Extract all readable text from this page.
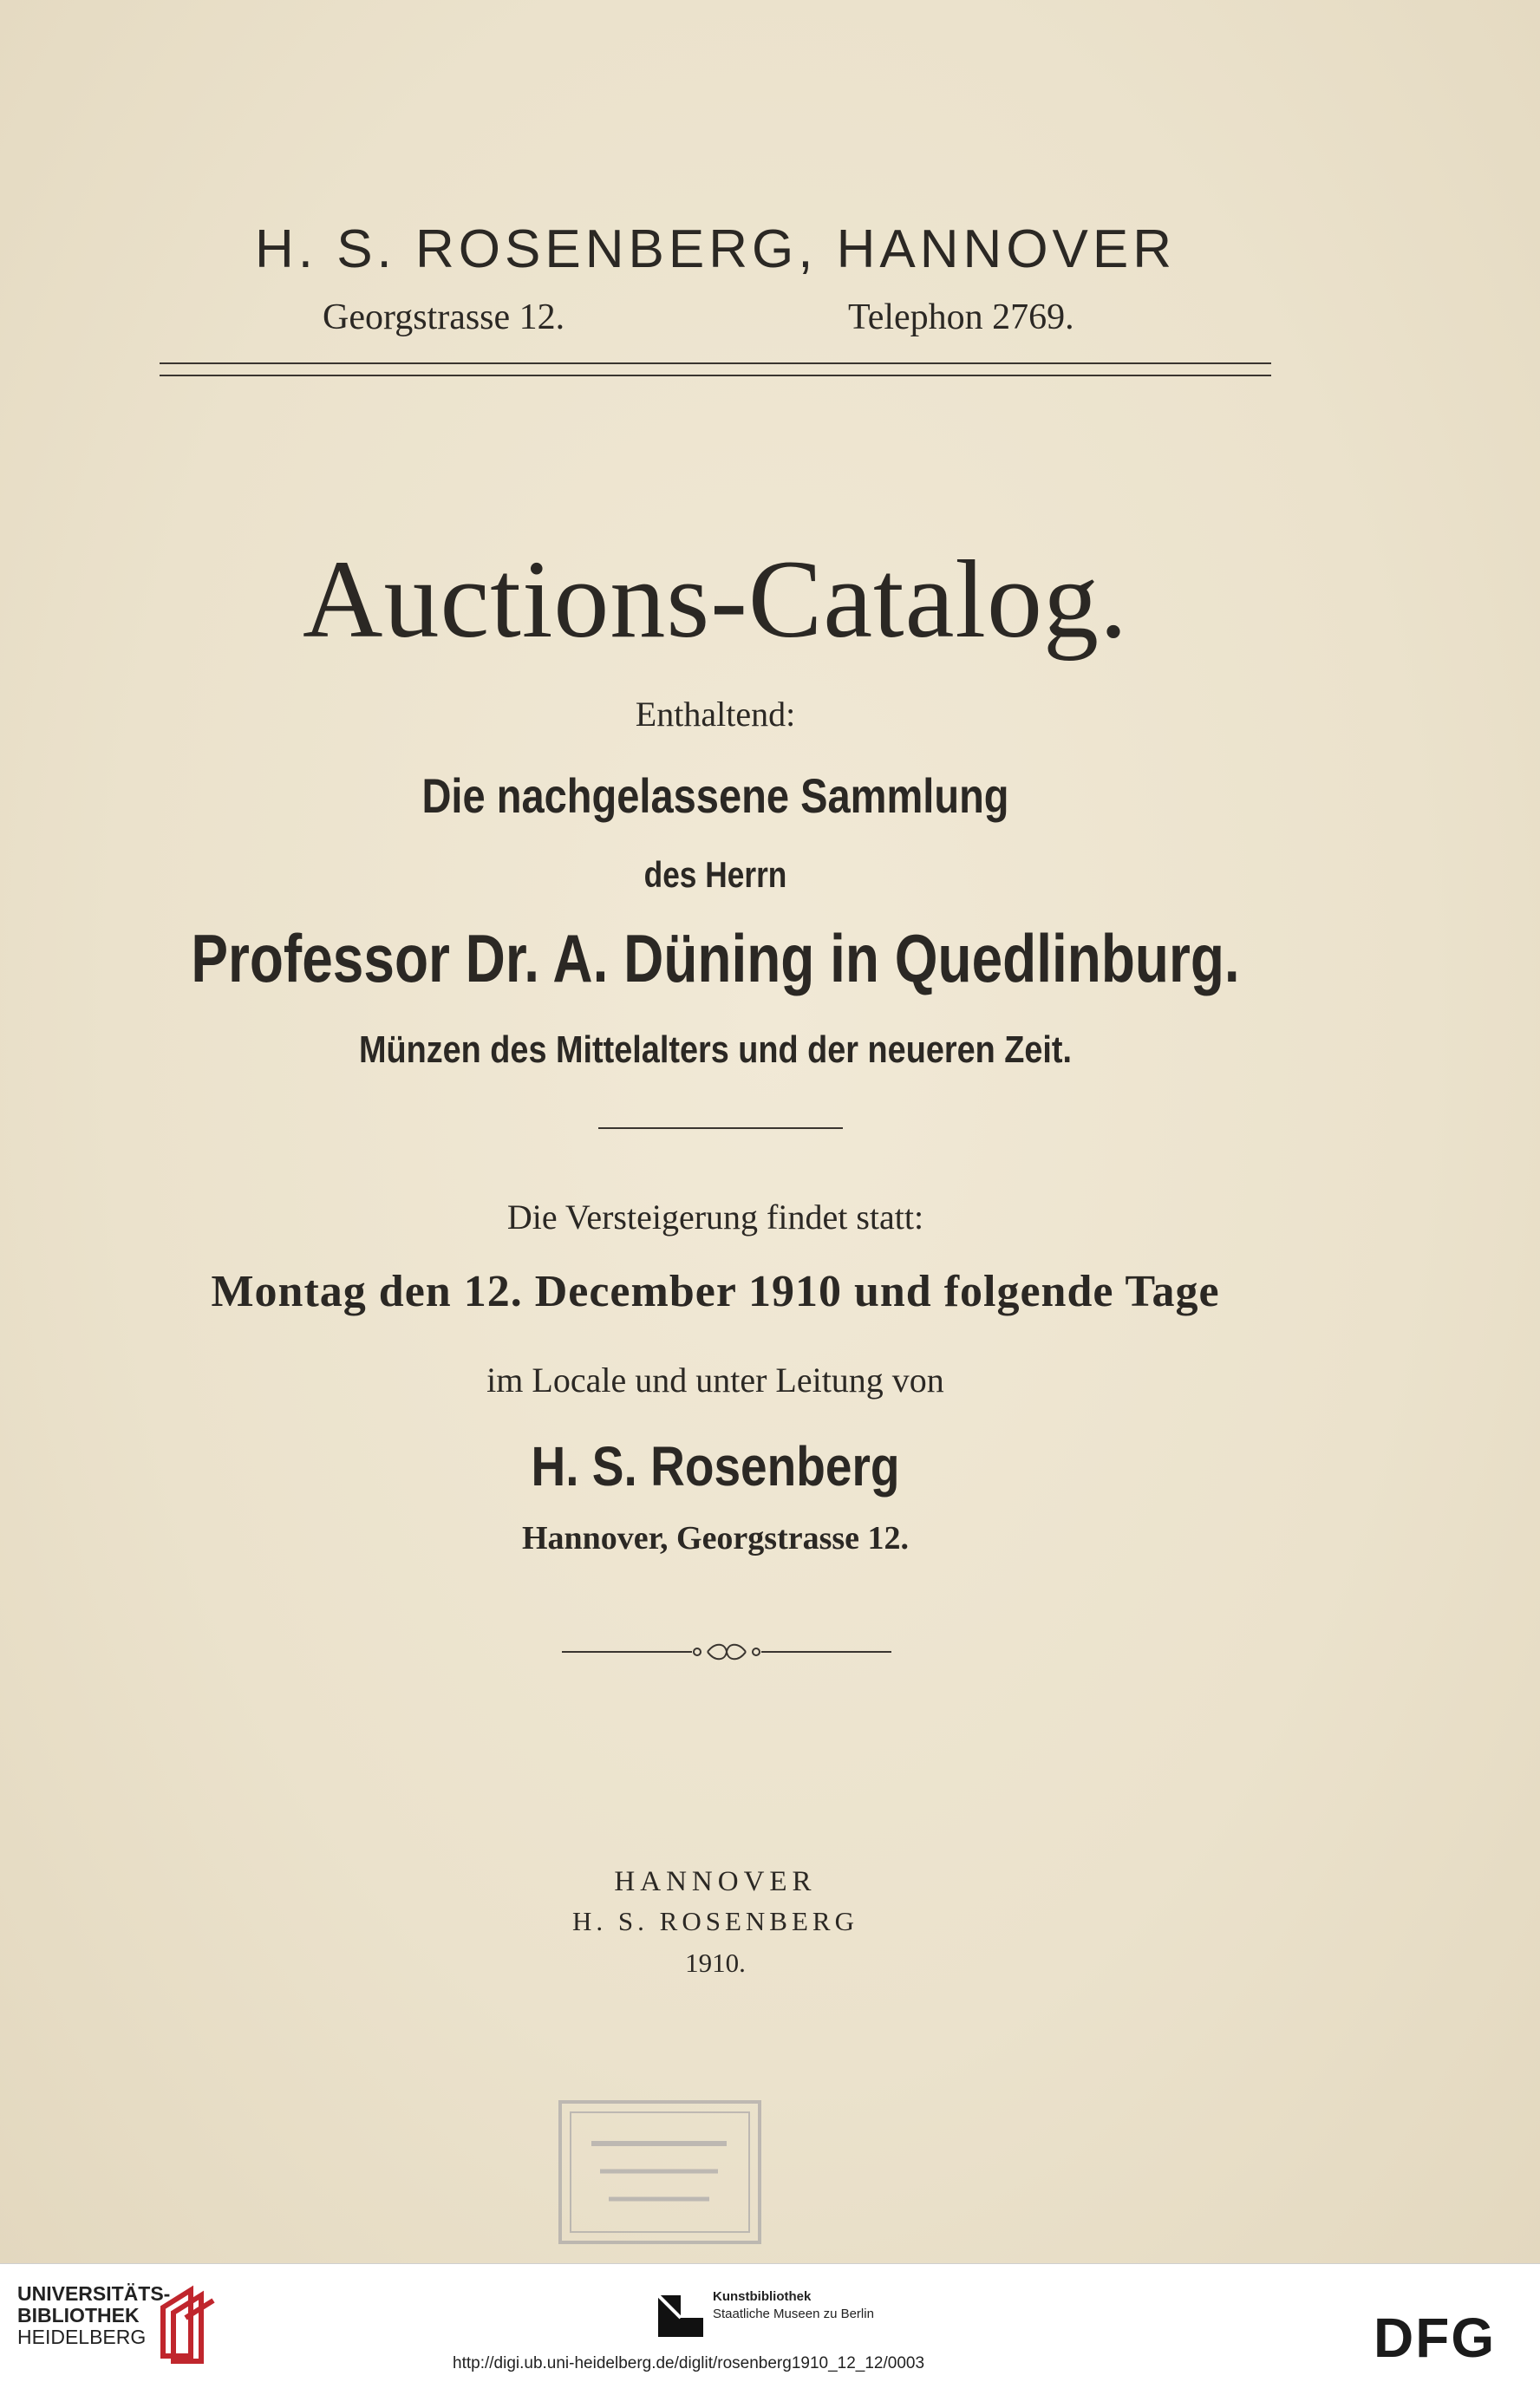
H. S. ROSENBERG, HANNOVER
Georgstrasse 12.	Telephon 2769.
Auctions-Catalog.
Enthaltend:
Die nachgelassene Sammlung
des Herrn
Professor Dr. A. Düning in Quedlinburg.
Münzen des Mittelalters und der neueren Zeit.
Die Versteigerung findet statt:
Montag den 12. December 1910 und folgende Tage
im Locale und unter Leitung von
H. S. Rosenberg
Hannover, Georgstrasse 12.
HANNOVER
H. S. ROSENBERG
1910.
UNIVERSITÄTS-
BIBLIOTHEK
HEIDELBERG
Kunstbibliothek
Staatliche Museen zu Berlin	DFG
http://digi.ub.uni-heidelberg.de/diglit/rosenberg1910_12_12/0003
